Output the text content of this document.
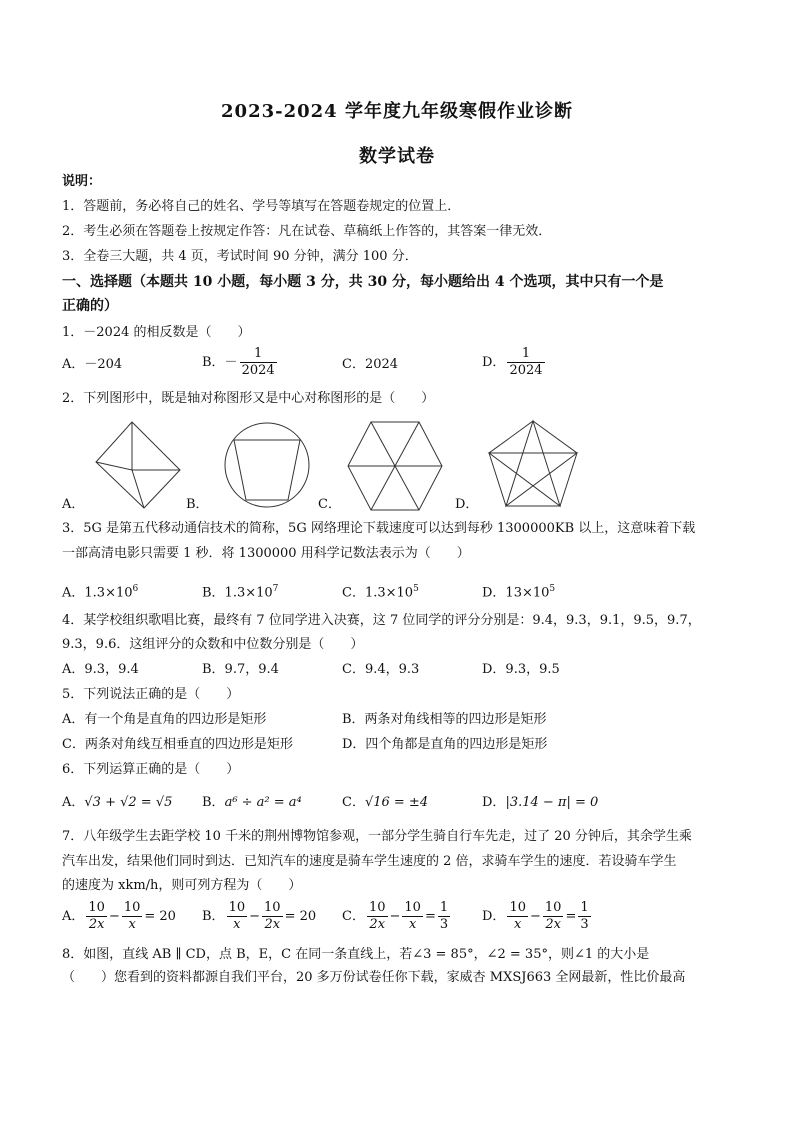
2023-2024 学年度九年级寒假作业诊断
数学试卷
说明：
1．答题前，务必将自己的姓名、学号等填写在答题卷规定的位置上．
2．考生必须在答题卷上按规定作答：凡在试卷、草稿纸上作答的，其答案一律无效．
3．全卷三大题，共 4 页，考试时间 90 分钟，满分 100 分．
一、选择题（本题共 10 小题，每小题 3 分，共 30 分，每小题给出 4 个选项，其中只有一个是
正确的）
1．－2024 的相反数是（　　）
A．－204	B．－ $\frac{1}{2024}$	C．2024	D． $\frac{1}{2024}$
2．下列图形中，既是轴对称图形又是中心对称图形的是（　　）
A．	B．	C．	D．
3．5G 是第五代移动通信技术的简称，5G 网络理论下载速度可以达到每秒 1300000KB 以上，这意味着下载
一部高清电影只需要 1 秒．将 1300000 用科学记数法表示为（　　）
A．$1.3\times 10^6$	B．$1.3\times 10^7$	C．$1.3\times 10^5$	D．$13\times 10^5$
4．某学校组织歌唱比赛，最终有 7 位同学进入决赛，这 7 位同学的评分分别是：9.4，9.3，9.1，9.5，9.7，
9.3，9.6．这组评分的众数和中位数分别是（　　）
A．9.3，9.4	B．9.7，9.4	C．9.4，9.3	D．9.3，9.5
5．下列说法正确的是（　　）
A．有一个角是直角的四边形是矩形	B．两条对角线相等的四边形是矩形
C．两条对角线互相垂直的四边形是矩形	D．四个角都是直角的四边形是矩形
6．下列运算正确的是（　　）
A．√3 + √2 = √5 B．a⁶ ÷ a² = a⁴	C．√16 = ±4	D．|3.14 − π| = 0
7．八年级学生去距学校 10 千米的荆州博物馆参观，一部分学生骑自行车先走，过了 20 分钟后，其余学生乘
汽车出发，结果他们同时到达．已知汽车的速度是骑车学生速度的 2 倍，求骑车学生的速度．若设骑车学生
的速度为 xkm/h，则可列方程为（　　）
A． $\frac{10}{2x} - \frac{10}{x} = 20$ B． $\frac{10}{x} - \frac{10}{2x} = 20$ C． $\frac{10}{2x} - \frac{10}{x} = \frac{1}{3}$ D． $\frac{10}{x} - \frac{10}{2x} = \frac{1}{3}$
8．如图，直线 AB ∥ CD，点 B，E，C 在同一条直线上，若∠3 = 85°，∠2 = 35°，则∠1 的大小是
（　　）您看到的资料都源自我们平台，20 多万份试卷任你下载，家威杏 MXSJ663 全网最新，性比价最高
